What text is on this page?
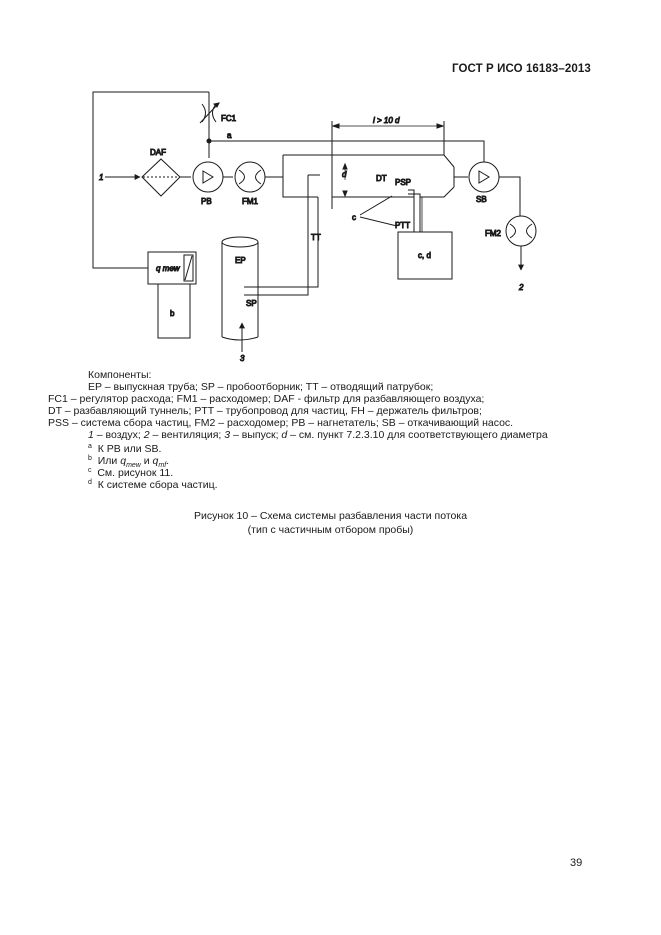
ГОСТ Р ИСО 16183–2013
FC1
a
1
DAF
PB	FM1
l > 10 d
d	DT PSP
PTT
c
c, d
TT
EP
SP
3
q mew
b
SB
FM2
2
Компоненты:
EP – выпускная труба; SP – пробоотборник; TT – отводящий патрубок;
FC1 – регулятор расхода; FM1 – расходомер; DAF - фильтр для разбавляющего воздуха;
DT – разбавляющий туннель; PTT – трубопровод для частиц, FH – держатель фильтров;
PSS – система сбора частиц, FM2 – расходомер; PB – нагнетатель; SB – откачивающий насос.
1 – воздух; 2 – вентиляция; 3 – выпуск; d – см. пункт 7.2.3.10 для соответствующего диаметра
$^a$ К PB или SB.
$^b$ Или $q_{mew}$ и $q_{mf}$.
$^c$ См. рисунок 11.
$^d$ К системе сбора частиц.
Рисунок 10 – Схема системы разбавления части потока
(тип с частичным отбором пробы)
39
